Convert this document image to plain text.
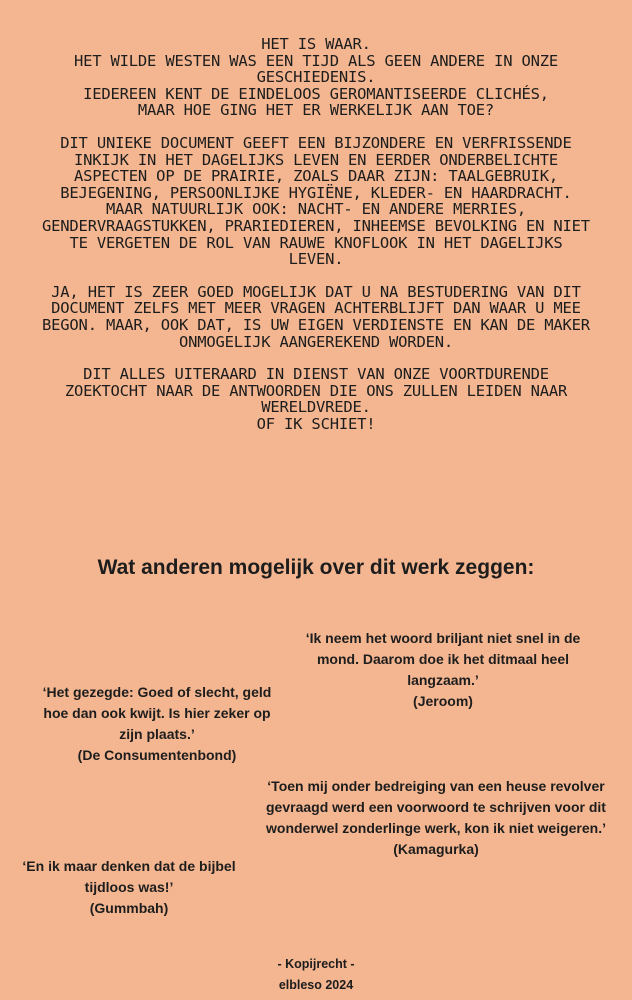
HET IS WAAR.
HET WILDE WESTEN WAS EEN TIJD ALS GEEN ANDERE IN ONZE GESCHIEDENIS.
IEDEREEN KENT DE EINDELOOS GEROMANTISEERDE CLICHÉS,
MAAR HOE GING HET ER WERKELIJK AAN TOE?

DIT UNIEKE DOCUMENT GEEFT EEN BIJZONDERE EN VERFRISSENDE INKIJK IN HET DAGELIJKS LEVEN EN EERDER ONDERBELICHTE ASPECTEN OP DE PRAIRIE, ZOALS DAAR ZIJN: TAALGEBRUIK, BEJEGENING, PERSOONLIJKE HYGIËNE, KLEDER- EN HAARDRACHT. MAAR NATUURLIJK OOK: NACHT- EN ANDERE MERRIES, GENDERVRAAGSTUKKEN, PRARIEDIEREN, INHEEMSE BEVOLKING EN NIET TE VERGETEN DE ROL VAN RAUWE KNOFLOOK IN HET DAGELIJKS LEVEN.

JA, HET IS ZEER GOED MOGELIJK DAT U NA BESTUDERING VAN DIT DOCUMENT ZELFS MET MEER VRAGEN ACHTERBLIJFT DAN WAAR U MEE BEGON. MAAR, OOK DAT, IS UW EIGEN VERDIENSTE EN KAN DE MAKER ONMOGELIJK AANGEREKEND WORDEN.

DIT ALLES UITERAARD IN DIENST VAN ONZE VOORTDURENDE ZOEKTOCHT NAAR DE ANTWOORDEN DIE ONS ZULLEN LEIDEN NAAR WERELDVREDE.
OF IK SCHIET!

Wat anderen mogelijk over dit werk zeggen:

‘Ik neem het woord briljant niet snel in de mond. Daarom doe ik het ditmaal heel langzaam.’

(Jeroom)

‘Het gezegde: Goed of slecht, geld hoe dan ook kwijt. Is hier zeker op zijn plaats.’

(De Consumentenbond)

‘Toen mij onder bedreiging van een heuse revolver gevraagd werd een voorwoord te schrijven voor dit wonderwel zonderlinge werk, kon ik niet weigeren.’

(Kamagurka)

‘En ik maar denken dat de bijbel tijdloos was!’

(Gummbah)

- Kopijrecht -
elbleso 2024
